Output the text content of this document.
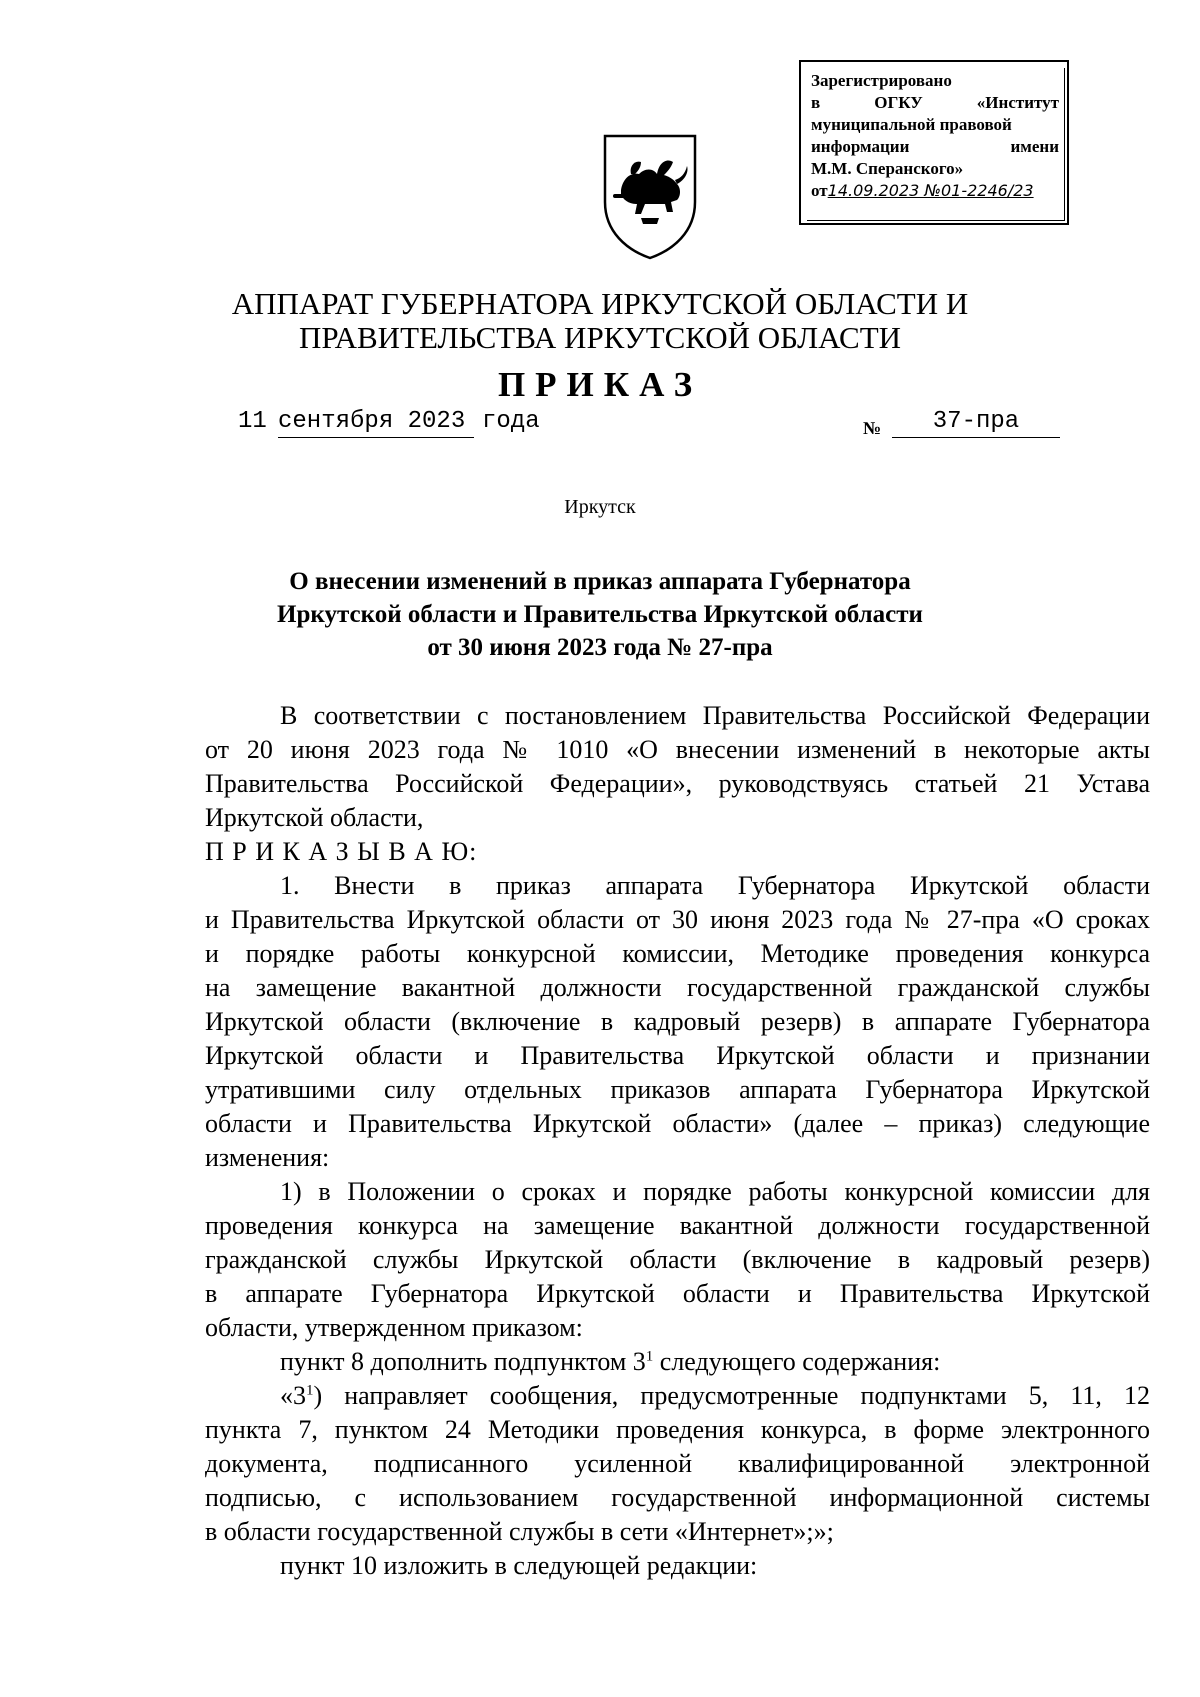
Зарегистрировано
в	ОГКУ	«Институт
муниципальной правовой
информации	имени
М.М. Сперанского»
от14.09.2023 №01-2246/23
АППАРАТ ГУБЕРНАТОРА ИРКУТСКОЙ ОБЛАСТИ И
ПРАВИТЕЛЬСТВА ИРКУТСКОЙ ОБЛАСТИ
ПРИКАЗ
11 сентября 2023 года	№	37-пра
Иркутск
О внесении изменений в приказ аппарата Губернатора
Иркутской области и Правительства Иркутской области
от 30 июня 2023 года № 27-пра
В соответствии с постановлением Правительства Российской Федерации
от 20 июня 2023 года № 1010 «О внесении изменений в некоторые акты
Правительства Российской Федерации», руководствуясь статьей 21 Устава
Иркутской области,
П Р И К А З Ы В А Ю:
1. Внести в приказ аппарата Губернатора Иркутской области
и Правительства Иркутской области от 30 июня 2023 года № 27-пра «О сроках
и порядке работы конкурсной комиссии, Методике проведения конкурса
на замещение вакантной должности государственной гражданской службы
Иркутской области (включение в кадровый резерв) в аппарате Губернатора
Иркутской области и Правительства Иркутской области и признании
утратившими силу отдельных приказов аппарата Губернатора Иркутской
области и Правительства Иркутской области» (далее – приказ) следующие
изменения:
1) в Положении о сроках и порядке работы конкурсной комиссии для
проведения конкурса на замещение вакантной должности государственной
гражданской службы Иркутской области (включение в кадровый резерв)
в аппарате Губернатора Иркутской области и Правительства Иркутской
области, утвержденном приказом:
пункт 8 дополнить подпунктом $3^1$ следующего содержания:
«$3^1$) направляет сообщения, предусмотренные подпунктами 5, 11, 12
пункта 7, пунктом 24 Методики проведения конкурса, в форме электронного
документа, подписанного усиленной квалифицированной электронной
подписью, с использованием государственной информационной системы
в области государственной службы в сети «Интернет»;»;
пункт 10 изложить в следующей редакции:
